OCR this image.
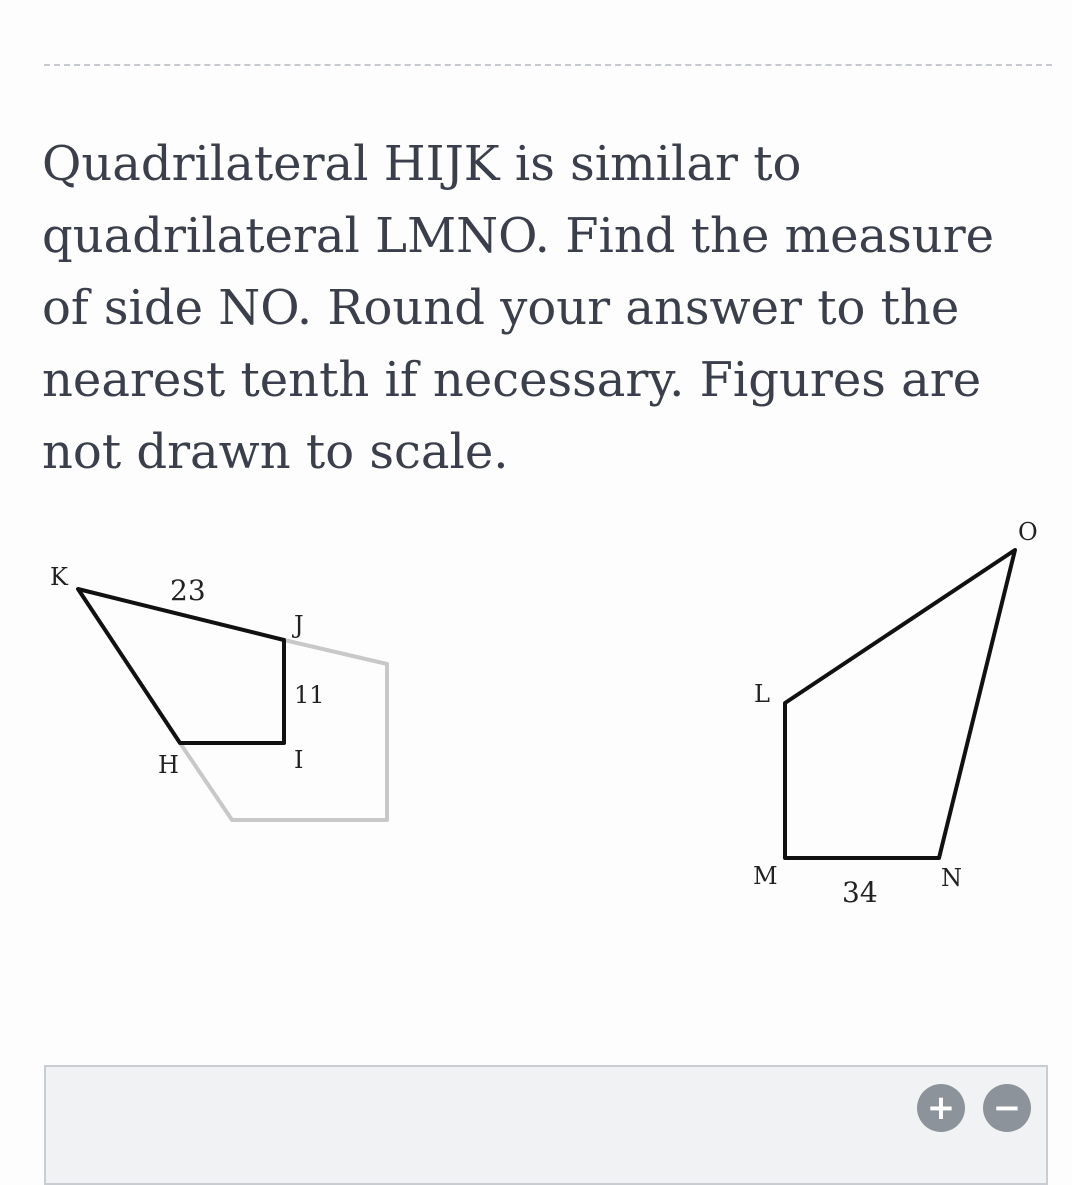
Quadrilateral HIJK is similar to quadrilateral LMNO. Find the measure of side NO. Round your answer to the nearest tenth if necessary. Figures are not drawn to scale.

K
J
I
H
23
11
O
L
M	N
34
+ −
